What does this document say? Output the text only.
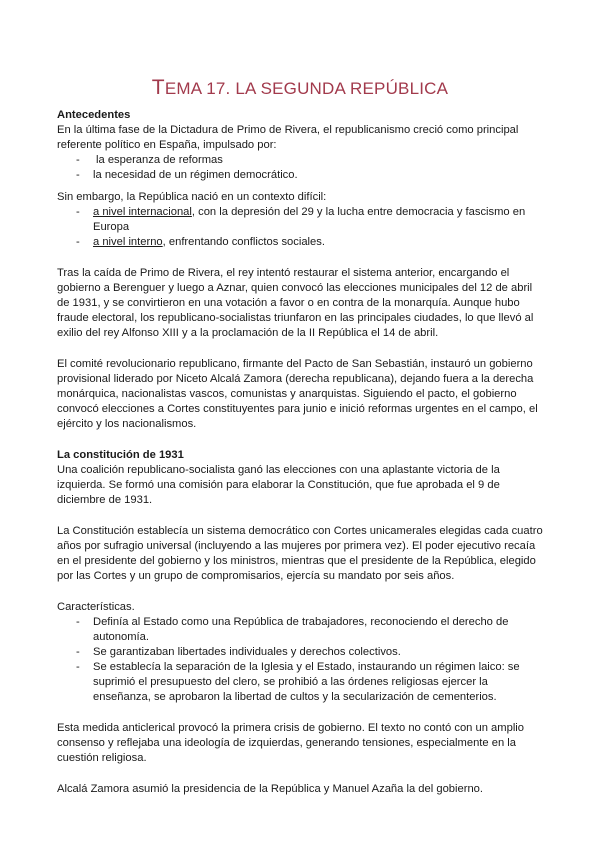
TEMA 17. LA SEGUNDA REPÚBLICA

Antecedentes

En la última fase de la Dictadura de Primo de Rivera, el republicanismo creció como principal referente político en España, impulsado por:

- la esperanza de reformas
- la necesidad de un régimen democrático.

Sin embargo, la República nació en un contexto difícil:

- a nivel internacional, con la depresión del 29 y la lucha entre democracia y fascismo en Europa
- a nivel interno, enfrentando conflictos sociales.

Tras la caída de Primo de Rivera, el rey intentó restaurar el sistema anterior, encargando el gobierno a Berenguer y luego a Aznar, quien convocó las elecciones municipales del 12 de abril de 1931, y se convirtieron en una votación a favor o en contra de la monarquía. Aunque hubo fraude electoral, los republicano-socialistas triunfaron en las principales ciudades, lo que llevó al exilio del rey Alfonso XIII y a la proclamación de la II República el 14 de abril.

El comité revolucionario republicano, firmante del Pacto de San Sebastián, instauró un gobierno provisional liderado por Niceto Alcalá Zamora (derecha republicana), dejando fuera a la derecha monárquica, nacionalistas vascos, comunistas y anarquistas. Siguiendo el pacto, el gobierno convocó elecciones a Cortes constituyentes para junio e inició reformas urgentes en el campo, el ejército y los nacionalismos.

La constitución de 1931

Una coalición republicano-socialista ganó las elecciones con una aplastante victoria de la izquierda. Se formó una comisión para elaborar la Constitución, que fue aprobada el 9 de diciembre de 1931.

La Constitución establecía un sistema democrático con Cortes unicamerales elegidas cada cuatro años por sufragio universal (incluyendo a las mujeres por primera vez). El poder ejecutivo recaía en el presidente del gobierno y los ministros, mientras que el presidente de la República, elegido por las Cortes y un grupo de compromisarios, ejercía su mandato por seis años.

Características.

- Definía al Estado como una República de trabajadores, reconociendo el derecho de autonomía.
- Se garantizaban libertades individuales y derechos colectivos.
- Se establecía la separación de la Iglesia y el Estado, instaurando un régimen laico: se suprimió el presupuesto del clero, se prohibió a las órdenes religiosas ejercer la enseñanza, se aprobaron la libertad de cultos y la secularización de cementerios.

Esta medida anticlerical provocó la primera crisis de gobierno. El texto no contó con un amplio consenso y reflejaba una ideología de izquierdas, generando tensiones, especialmente en la cuestión religiosa.

Alcalá Zamora asumió la presidencia de la República y Manuel Azaña la del gobierno.
